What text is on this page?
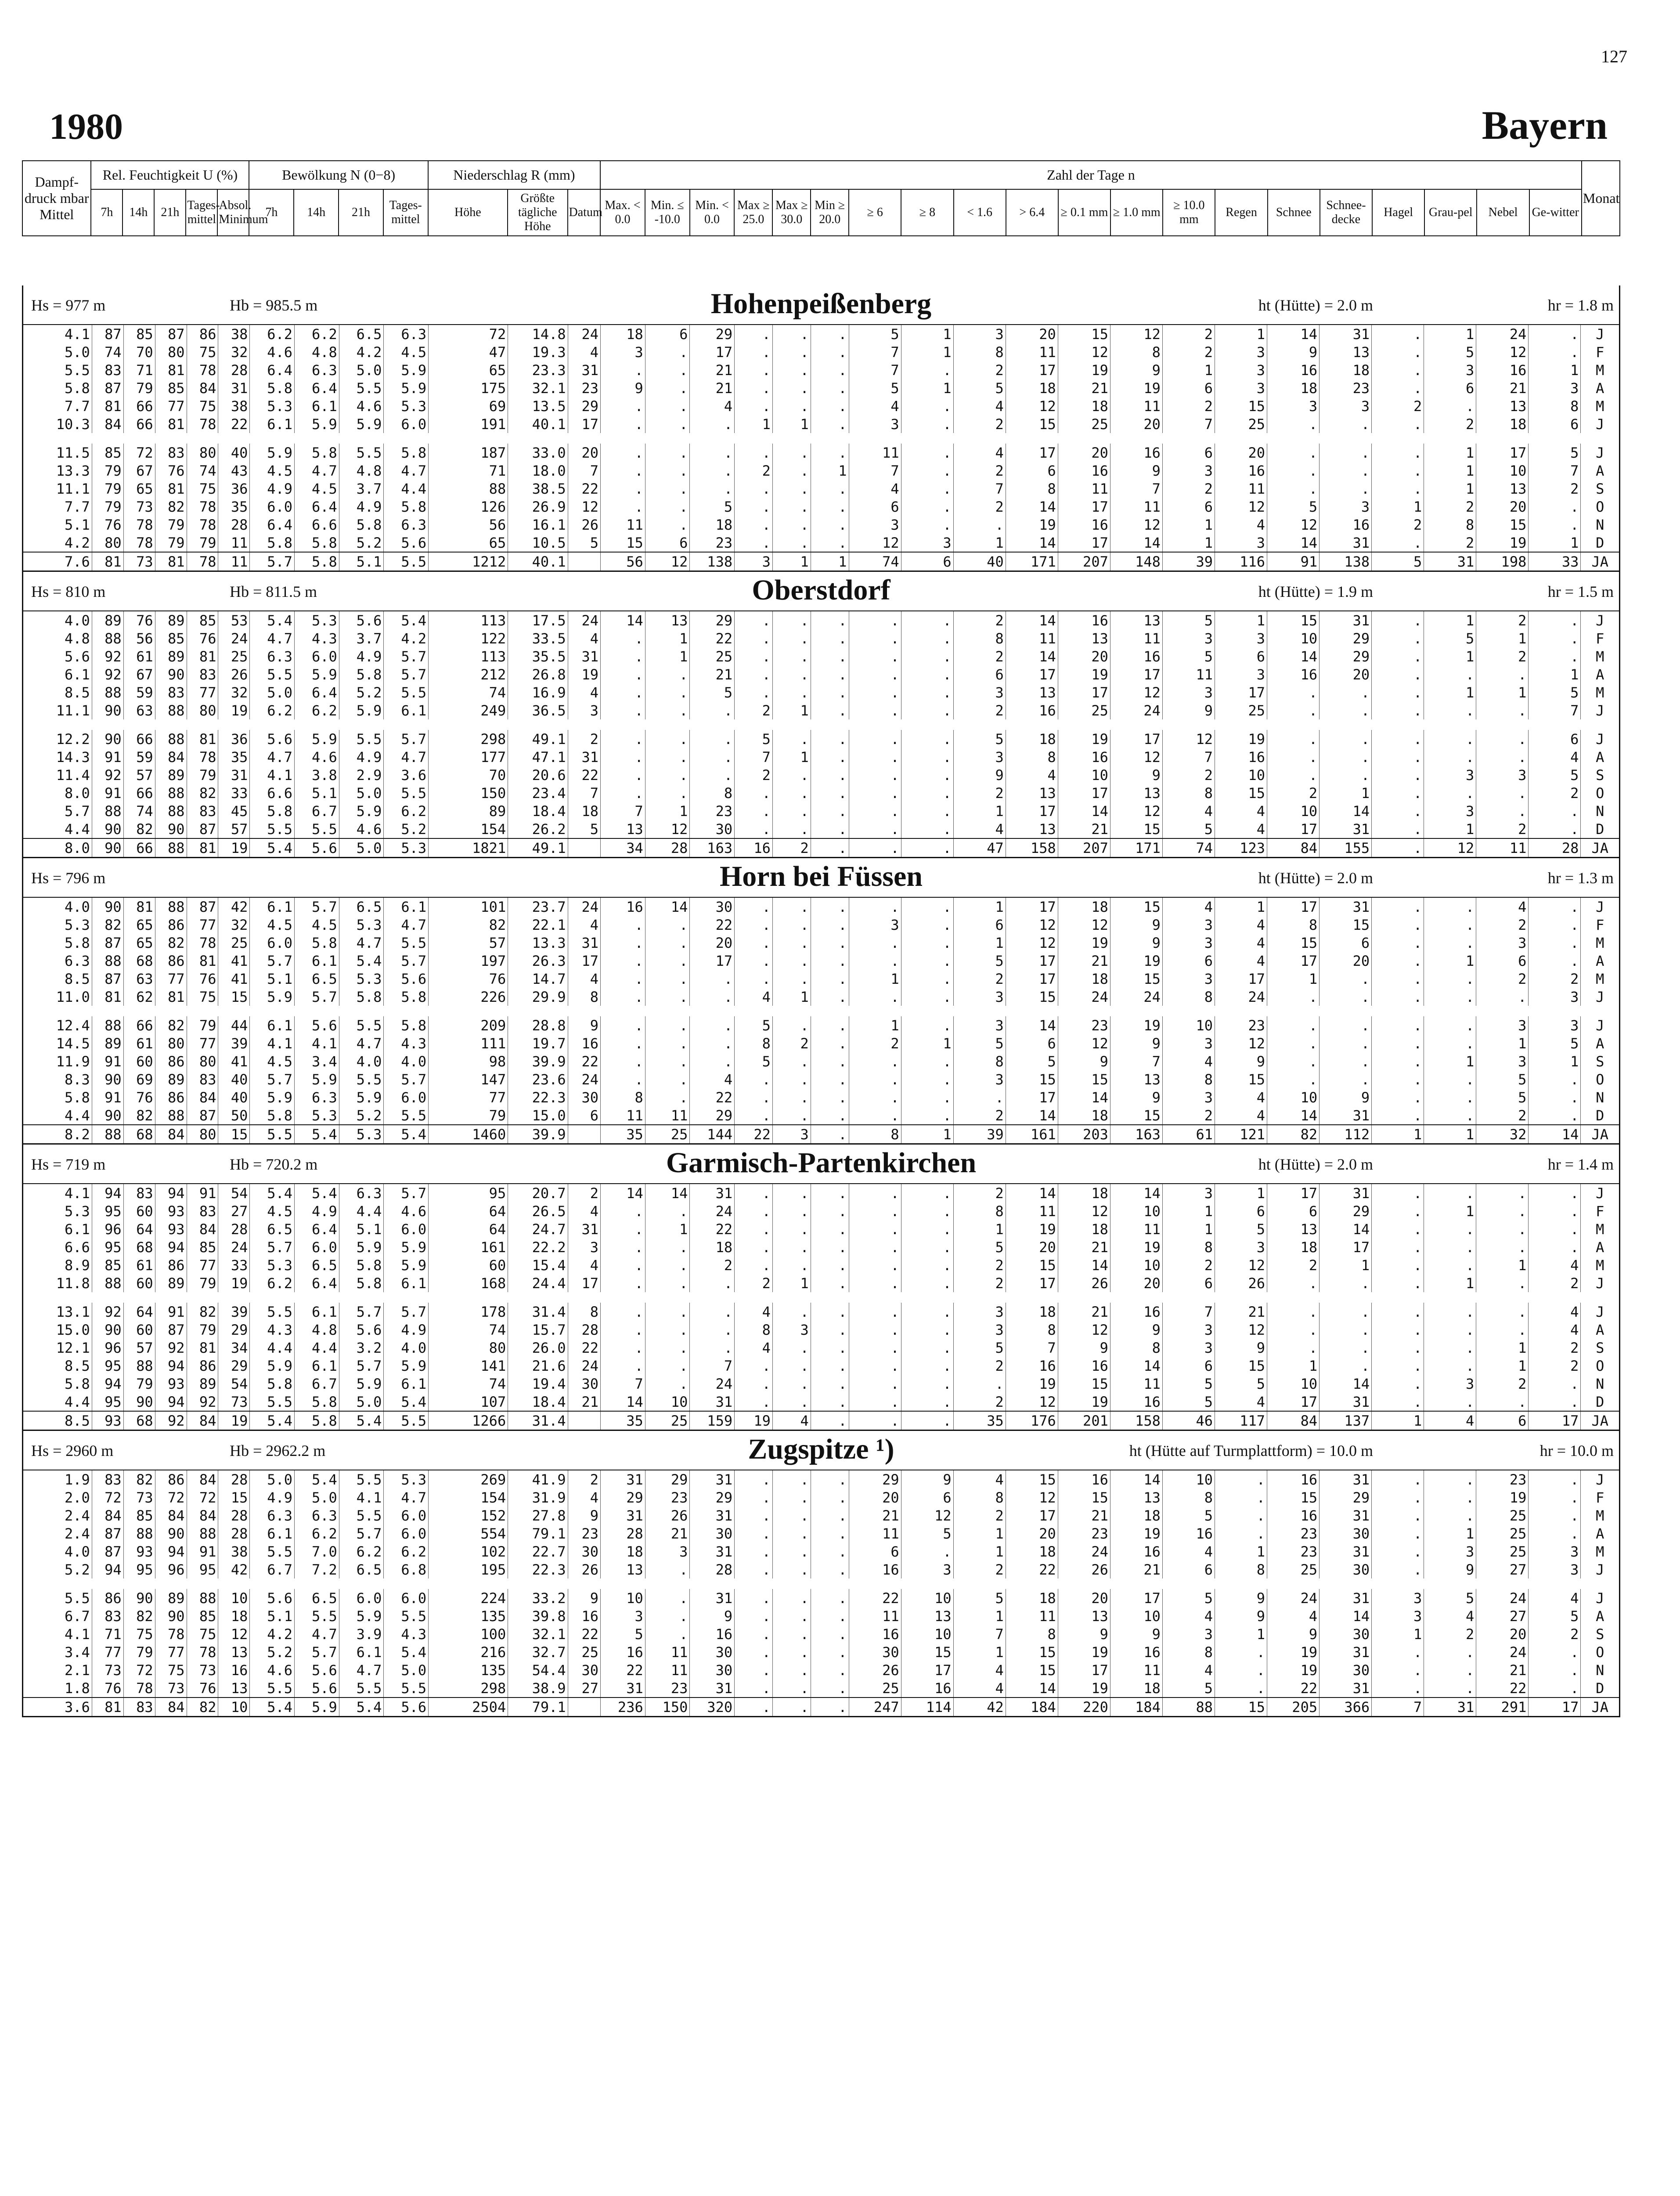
127
1980	Bayern
Dampf-druck mbar Mittel	Rel. Feuchtigkeit U (%)					Bewölkung N (0−8)				Niederschlag R (mm)			Zahl der Tage n																				Monat
	7h	14h	21h	Tages-mittel	Absol. Minimum	7h	14h	21h	Tages-mittel	Höhe	Größte tägliche Höhe	Datum	Max. < 0.0	Min. ≤ -10.0	Min. < 0.0	Max ≥ 25.0	Max ≥ 30.0	Min ≥ 20.0	≥ 6	≥ 8	< 1.6	> 6.4	≥ 0.1 mm	≥ 1.0 mm	≥ 10.0 mm	Regen	Schnee	Schnee-decke	Hagel	Grau-pel	Nebel	Ge-witter	
Hs = 977 m	Hb = 985.5 m	Hohenpeißenberg	ht (Hütte) = 2.0 m	hr = 1.8 m
4.1	87	85	87	86	38	6.2	6.2	6.5	6.3	72	14.8	24	18	6	29	.	.	.	5	1	3	20	15	12	2	1	14	31	.	1	24	.	J
5.0	74	70	80	75	32	4.6	4.8	4.2	4.5	47	19.3	4	3	.	17	.	.	.	7	1	8	11	12	8	2	3	9	13	.	5	12	.	F
5.5	83	71	81	78	28	6.4	6.3	5.0	5.9	65	23.3	31	.	.	21	.	.	.	7	.	2	17	19	9	1	3	16	18	.	3	16	1	M
5.8	87	79	85	84	31	5.8	6.4	5.5	5.9	175	32.1	23	9	.	21	.	.	.	5	1	5	18	21	19	6	3	18	23	.	6	21	3	A
7.7	81	66	77	75	38	5.3	6.1	4.6	5.3	69	13.5	29	.	.	4	.	.	.	4	.	4	12	18	11	2	15	3	3	2	.	13	8	M
10.3	84	66	81	78	22	6.1	5.9	5.9	6.0	191	40.1	17	.	.	.	1	1	.	3	.	2	15	25	20	7	25	.	.	.	2	18	6	J

11.5	85	72	83	80	40	5.9	5.8	5.5	5.8	187	33.0	20	.	.	.	.	.	.	11	.	4	17	20	16	6	20	.	.	.	1	17	5	J
13.3	79	67	76	74	43	4.5	4.7	4.8	4.7	71	18.0	7	.	.	.	2	.	1	7	.	2	6	16	9	3	16	.	.	.	1	10	7	A
11.1	79	65	81	75	36	4.9	4.5	3.7	4.4	88	38.5	22	.	.	.	.	.	.	4	.	7	8	11	7	2	11	.	.	.	1	13	2	S
7.7	79	73	82	78	35	6.0	6.4	4.9	5.8	126	26.9	12	.	.	5	.	.	.	6	.	2	14	17	11	6	12	5	3	1	2	20	.	O
5.1	76	78	79	78	28	6.4	6.6	5.8	6.3	56	16.1	26	11	.	18	.	.	.	3	.	.	19	16	12	1	4	12	16	2	8	15	.	N
4.2	80	78	79	79	11	5.8	5.8	5.2	5.6	65	10.5	5	15	6	23	.	.	.	12	3	1	14	17	14	1	3	14	31	.	2	19	1	D
7.6	81	73	81	78	11	5.7	5.8	5.1	5.5	1212	40.1		56	12	138	3	1	1	74	6	40	171	207	148	39	116	91	138	5	31	198	33	JA
Hs = 810 m	Hb = 811.5 m	Oberstdorf	ht (Hütte) = 1.9 m	hr = 1.5 m
4.0	89	76	89	85	53	5.4	5.3	5.6	5.4	113	17.5	24	14	13	29	.	.	.	.	.	2	14	16	13	5	1	15	31	.	1	2	.	J
4.8	88	56	85	76	24	4.7	4.3	3.7	4.2	122	33.5	4	.	1	22	.	.	.	.	.	8	11	13	11	3	3	10	29	.	5	1	.	F
5.6	92	61	89	81	25	6.3	6.0	4.9	5.7	113	35.5	31	.	1	25	.	.	.	.	.	2	14	20	16	5	6	14	29	.	1	2	.	M
6.1	92	67	90	83	26	5.5	5.9	5.8	5.7	212	26.8	19	.	.	21	.	.	.	.	.	6	17	19	17	11	3	16	20	.	.	.	1	A
8.5	88	59	83	77	32	5.0	6.4	5.2	5.5	74	16.9	4	.	.	5	.	.	.	.	.	3	13	17	12	3	17	.	.	.	1	1	5	M
11.1	90	63	88	80	19	6.2	6.2	5.9	6.1	249	36.5	3	.	.	.	2	1	.	.	.	2	16	25	24	9	25	.	.	.	.	.	7	J

12.2	90	66	88	81	36	5.6	5.9	5.5	5.7	298	49.1	2	.	.	.	5	.	.	.	.	5	18	19	17	12	19	.	.	.	.	.	6	J
14.3	91	59	84	78	35	4.7	4.6	4.9	4.7	177	47.1	31	.	.	.	7	1	.	.	.	3	8	16	12	7	16	.	.	.	.	.	4	A
11.4	92	57	89	79	31	4.1	3.8	2.9	3.6	70	20.6	22	.	.	.	2	.	.	.	.	9	4	10	9	2	10	.	.	.	3	3	5	S
8.0	91	66	88	82	33	6.6	5.1	5.0	5.5	150	23.4	7	.	.	8	.	.	.	.	.	2	13	17	13	8	15	2	1	.	.	.	2	O
5.7	88	74	88	83	45	5.8	6.7	5.9	6.2	89	18.4	18	7	1	23	.	.	.	.	.	1	17	14	12	4	4	10	14	.	3	.	.	N
4.4	90	82	90	87	57	5.5	5.5	4.6	5.2	154	26.2	5	13	12	30	.	.	.	.	.	4	13	21	15	5	4	17	31	.	1	2	.	D
8.0	90	66	88	81	19	5.4	5.6	5.0	5.3	1821	49.1		34	28	163	16	2	.	.	.	47	158	207	171	74	123	84	155	.	12	11	28	JA
Hs = 796 m	Horn bei Füssen	ht (Hütte) = 2.0 m	hr = 1.3 m
4.0	90	81	88	87	42	6.1	5.7	6.5	6.1	101	23.7	24	16	14	30	.	.	.	.	.	1	17	18	15	4	1	17	31	.	.	4	.	J
5.3	82	65	86	77	32	4.5	4.5	5.3	4.7	82	22.1	4	.	.	22	.	.	.	3	.	6	12	12	9	3	4	8	15	.	.	2	.	F
5.8	87	65	82	78	25	6.0	5.8	4.7	5.5	57	13.3	31	.	.	20	.	.	.	.	.	1	12	19	9	3	4	15	6	.	.	3	.	M
6.3	88	68	86	81	41	5.7	6.1	5.4	5.7	197	26.3	17	.	.	17	.	.	.	.	.	5	17	21	19	6	4	17	20	.	1	6	.	A
8.5	87	63	77	76	41	5.1	6.5	5.3	5.6	76	14.7	4	.	.	.	.	.	.	1	.	2	17	18	15	3	17	1	.	.	.	2	2	M
11.0	81	62	81	75	15	5.9	5.7	5.8	5.8	226	29.9	8	.	.	.	4	1	.	.	.	3	15	24	24	8	24	.	.	.	.	.	3	J

12.4	88	66	82	79	44	6.1	5.6	5.5	5.8	209	28.8	9	.	.	.	5	.	.	1	.	3	14	23	19	10	23	.	.	.	.	3	3	J
14.5	89	61	80	77	39	4.1	4.1	4.7	4.3	111	19.7	16	.	.	.	8	2	.	2	1	5	6	12	9	3	12	.	.	.	.	1	5	A
11.9	91	60	86	80	41	4.5	3.4	4.0	4.0	98	39.9	22	.	.	.	5	.	.	.	.	8	5	9	7	4	9	.	.	.	1	3	1	S
8.3	90	69	89	83	40	5.7	5.9	5.5	5.7	147	23.6	24	.	.	4	.	.	.	.	.	3	15	15	13	8	15	.	.	.	.	5	.	O
5.8	91	76	86	84	40	5.9	6.3	5.9	6.0	77	22.3	30	8	.	22	.	.	.	.	.	.	17	14	9	3	4	10	9	.	.	5	.	N
4.4	90	82	88	87	50	5.8	5.3	5.2	5.5	79	15.0	6	11	11	29	.	.	.	.	.	2	14	18	15	2	4	14	31	.	.	2	.	D
8.2	88	68	84	80	15	5.5	5.4	5.3	5.4	1460	39.9		35	25	144	22	3	.	8	1	39	161	203	163	61	121	82	112	1	1	32	14	JA
Hs = 719 m	Hb = 720.2 m	Garmisch-Partenkirchen	ht (Hütte) = 2.0 m	hr = 1.4 m
4.1	94	83	94	91	54	5.4	5.4	6.3	5.7	95	20.7	2	14	14	31	.	.	.	.	.	2	14	18	14	3	1	17	31	.	.	.	.	J
5.3	95	60	93	83	27	4.5	4.9	4.4	4.6	64	26.5	4	.	.	24	.	.	.	.	.	8	11	12	10	1	6	6	29	.	1	.	.	F
6.1	96	64	93	84	28	6.5	6.4	5.1	6.0	64	24.7	31	.	1	22	.	.	.	.	.	1	19	18	11	1	5	13	14	.	.	.	.	M
6.6	95	68	94	85	24	5.7	6.0	5.9	5.9	161	22.2	3	.	.	18	.	.	.	.	.	5	20	21	19	8	3	18	17	.	.	.	.	A
8.9	85	61	86	77	33	5.3	6.5	5.8	5.9	60	15.4	4	.	.	2	.	.	.	.	.	2	15	14	10	2	12	2	1	.	.	1	4	M
11.8	88	60	89	79	19	6.2	6.4	5.8	6.1	168	24.4	17	.	.	.	2	1	.	.	.	2	17	26	20	6	26	.	.	.	1	.	2	J

13.1	92	64	91	82	39	5.5	6.1	5.7	5.7	178	31.4	8	.	.	.	4	.	.	.	.	3	18	21	16	7	21	.	.	.	.	.	4	J
15.0	90	60	87	79	29	4.3	4.8	5.6	4.9	74	15.7	28	.	.	.	8	3	.	.	.	3	8	12	9	3	12	.	.	.	.	.	4	A
12.1	96	57	92	81	34	4.4	4.4	3.2	4.0	80	26.0	22	.	.	.	4	.	.	.	.	5	7	9	8	3	9	.	.	.	.	1	2	S
8.5	95	88	94	86	29	5.9	6.1	5.7	5.9	141	21.6	24	.	.	7	.	.	.	.	.	2	16	16	14	6	15	1	.	.	.	1	2	O
5.8	94	79	93	89	54	5.8	6.7	5.9	6.1	74	19.4	30	7	.	24	.	.	.	.	.	.	19	15	11	5	5	10	14	.	3	2	.	N
4.4	95	90	94	92	73	5.5	5.8	5.0	5.4	107	18.4	21	14	10	31	.	.	.	.	.	2	12	19	16	5	4	17	31	.	.	.	.	D
8.5	93	68	92	84	19	5.4	5.8	5.4	5.5	1266	31.4		35	25	159	19	4	.	.	.	35	176	201	158	46	117	84	137	1	4	6	17	JA
Hs = 2960 m	Hb = 2962.2 m	Zugspitze ¹)	ht (Hütte auf Turmplattform) = 10.0 m	hr = 10.0 m
1.9	83	82	86	84	28	5.0	5.4	5.5	5.3	269	41.9	2	31	29	31	.	.	.	29	9	4	15	16	14	10	.	16	31	.	.	23	.	J
2.0	72	73	72	72	15	4.9	5.0	4.1	4.7	154	31.9	4	29	23	29	.	.	.	20	6	8	12	15	13	8	.	15	29	.	.	19	.	F
2.4	84	85	84	84	28	6.3	6.3	5.5	6.0	152	27.8	9	31	26	31	.	.	.	21	12	2	17	21	18	5	.	16	31	.	.	25	.	M
2.4	87	88	90	88	28	6.1	6.2	5.7	6.0	554	79.1	23	28	21	30	.	.	.	11	5	1	20	23	19	16	.	23	30	.	1	25	.	A
4.0	87	93	94	91	38	5.5	7.0	6.2	6.2	102	22.7	30	18	3	31	.	.	.	6	.	1	18	24	16	4	1	23	31	.	3	25	3	M
5.2	94	95	96	95	42	6.7	7.2	6.5	6.8	195	22.3	26	13	.	28	.	.	.	16	3	2	22	26	21	6	8	25	30	.	9	27	3	J

5.5	86	90	89	88	10	5.6	6.5	6.0	6.0	224	33.2	9	10	.	31	.	.	.	22	10	5	18	20	17	5	9	24	31	3	5	24	4	J
6.7	83	82	90	85	18	5.1	5.5	5.9	5.5	135	39.8	16	3	.	9	.	.	.	11	13	1	11	13	10	4	9	4	14	3	4	27	5	A
4.1	71	75	78	75	12	4.2	4.7	3.9	4.3	100	32.1	22	5	.	16	.	.	.	16	10	7	8	9	9	3	1	9	30	1	2	20	2	S
3.4	77	79	77	78	13	5.2	5.7	6.1	5.4	216	32.7	25	16	11	30	.	.	.	30	15	1	15	19	16	8	.	19	31	.	.	24	.	O
2.1	73	72	75	73	16	4.6	5.6	4.7	5.0	135	54.4	30	22	11	30	.	.	.	26	17	4	15	17	11	4	.	19	30	.	.	21	.	N
1.8	76	78	73	76	13	5.5	5.6	5.5	5.5	298	38.9	27	31	23	31	.	.	.	25	16	4	14	19	18	5	.	22	31	.	.	22	.	D
3.6	81	83	84	82	10	5.4	5.9	5.4	5.6	2504	79.1		236	150	320	.	.	.	247	114	42	184	220	184	88	15	205	366	7	31	291	17	JA
